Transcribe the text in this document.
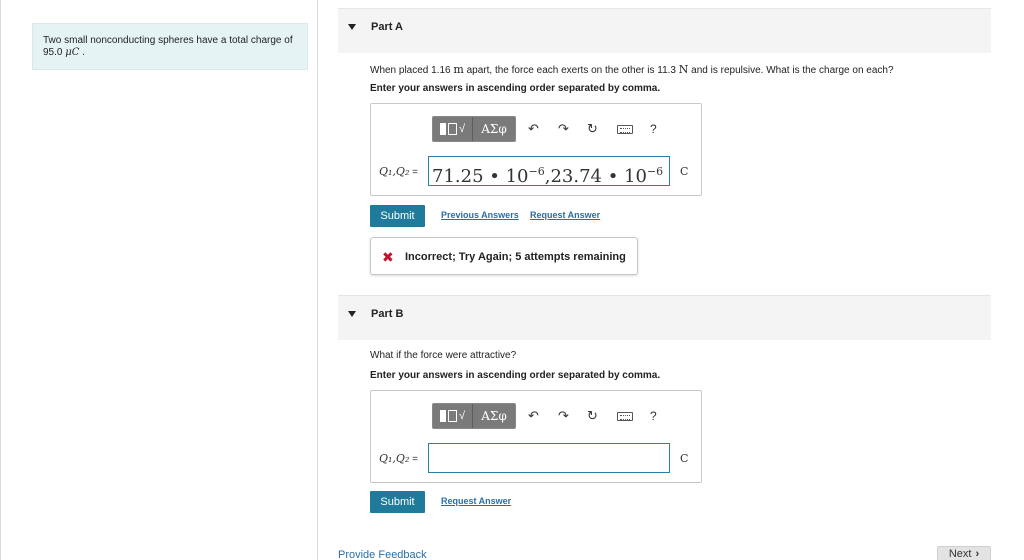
Two small nonconducting spheres have a total charge of 95.0 μC .
Part A
When placed 1.16 m apart, the force each exerts on the other is 11.3 N and is repulsive. What is the charge on each?
Enter your answers in ascending order separated by comma.
√	ΑΣφ	↶ ↷ ↻	?
Q₁,Q₂ = 71.25 • $10^{-6},23.74$ • $10^{-6}$	C
Submit	Previous Answers Request Answer
✖ Incorrect; Try Again; 5 attempts remaining
Part B
What if the force were attractive?
Enter your answers in ascending order separated by comma.
√	ΑΣφ	↶ ↷ ↻	?
Q₁,Q₂ =	C
Submit	Request Answer
Provide Feedback	Next ›
